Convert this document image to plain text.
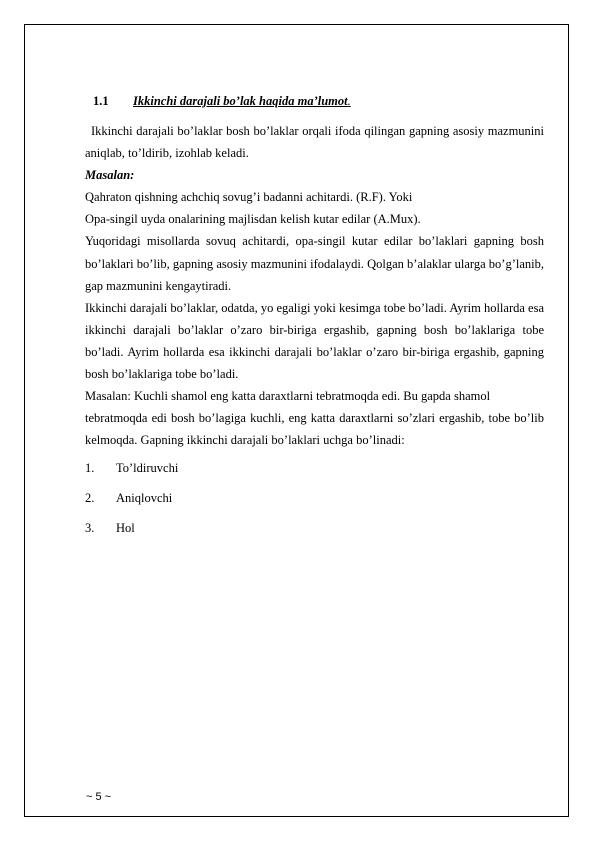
1.1 Ikkinchi darajali bo’lak haqida ma’lumot.

Ikkinchi darajali bo’laklar bosh bo’laklar orqali ifoda qilingan gapning asosiy mazmunini aniqlab, to’ldirib, izohlab keladi.

Masalan:

Qahraton qishning achchiq sovug’i badanni achitardi. (R.F). Yoki

Opa-singil uyda onalarining majlisdan kelish kutar edilar (A.Mux).

Yuqoridagi misollarda sovuq achitardi, opa-singil kutar edilar bo’laklari gapning bosh bo’laklari bo’lib, gapning asosiy mazmunini ifodalaydi. Qolgan b’alaklar ularga bo’g’lanib, gap mazmunini kengaytiradi.

Ikkinchi darajali bo’laklar, odatda, yo egaligi yoki kesimga tobe bo’ladi. Ayrim hollarda esa ikkinchi darajali bo’laklar o’zaro bir-biriga ergashib, gapning bosh bo’laklariga tobe bo’ladi. Ayrim hollarda esa ikkinchi darajali bo’laklar o’zaro bir-biriga ergashib, gapning bosh bo’laklariga tobe bo’ladi.

Masalan: Kuchli shamol eng katta daraxtlarni tebratmoqda edi. Bu gapda shamol

tebratmoqda edi bosh bo’lagiga kuchli, eng katta daraxtlarni so’zlari ergashib, tobe bo’lib kelmoqda. Gapning ikkinchi darajali bo’laklari uchga bo’linadi:

1. To’ldiruvchi
2. Aniqlovchi
3. Hol
~ 5 ~
